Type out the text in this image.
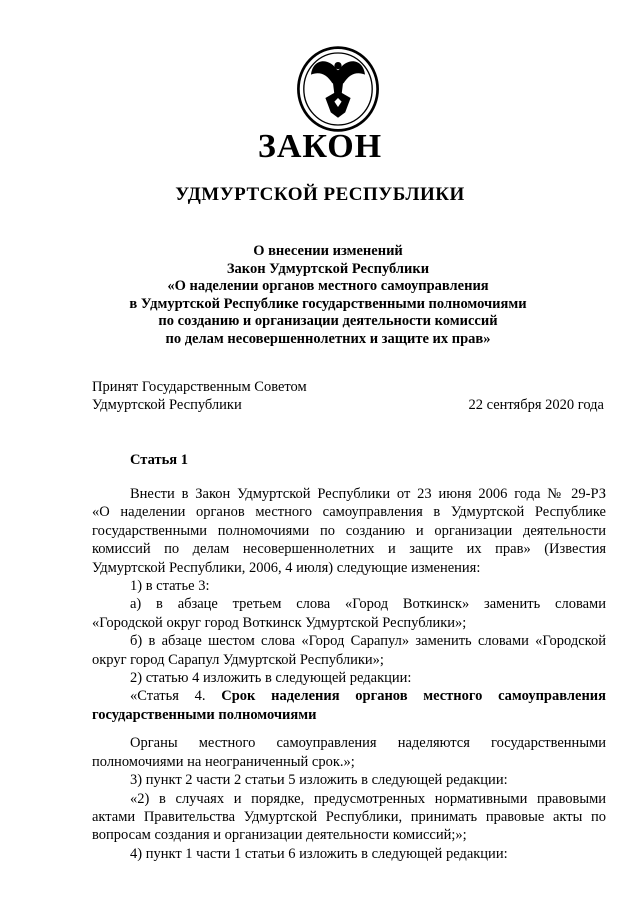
ЗАКОН
УДМУРТСКОЙ РЕСПУБЛИКИ
О внесении изменений
Закон Удмуртской Республики
«О наделении органов местного самоуправления
в Удмуртской Республике государственными полномочиями
по созданию и организации деятельности комиссий
по делам несовершеннолетних и защите их прав»
Принят Государственным Советом
Удмуртской Республики	22 сентября 2020 года
Статья 1
Внести в Закон Удмуртской Республики от 23 июня 2006 года № 29-РЗ
«О наделении органов местного самоуправления в Удмуртской Республике
государственными полномочиями по созданию и организации деятельности
комиссий по делам несовершеннолетних и защите их прав» (Известия
Удмуртской Республики, 2006, 4 июля) следующие изменения:
1) в статье 3:
а) в абзаце третьем слова «Город Воткинск» заменить словами
«Городской округ город Воткинск Удмуртской Республики»;
б) в абзаце шестом слова «Город Сарапул» заменить словами «Городской
округ город Сарапул Удмуртской Республики»;
2) статью 4 изложить в следующей редакции:
«Статья 4. Срок наделения органов местного самоуправления
государственными полномочиями
Органы местного самоуправления наделяются государственными
полномочиями на неограниченный срок.»;
3) пункт 2 части 2 статьи 5 изложить в следующей редакции:
«2) в случаях и порядке, предусмотренных нормативными правовыми
актами Правительства Удмуртской Республики, принимать правовые акты по
вопросам создания и организации деятельности комиссий;»;
4) пункт 1 части 1 статьи 6 изложить в следующей редакции:
